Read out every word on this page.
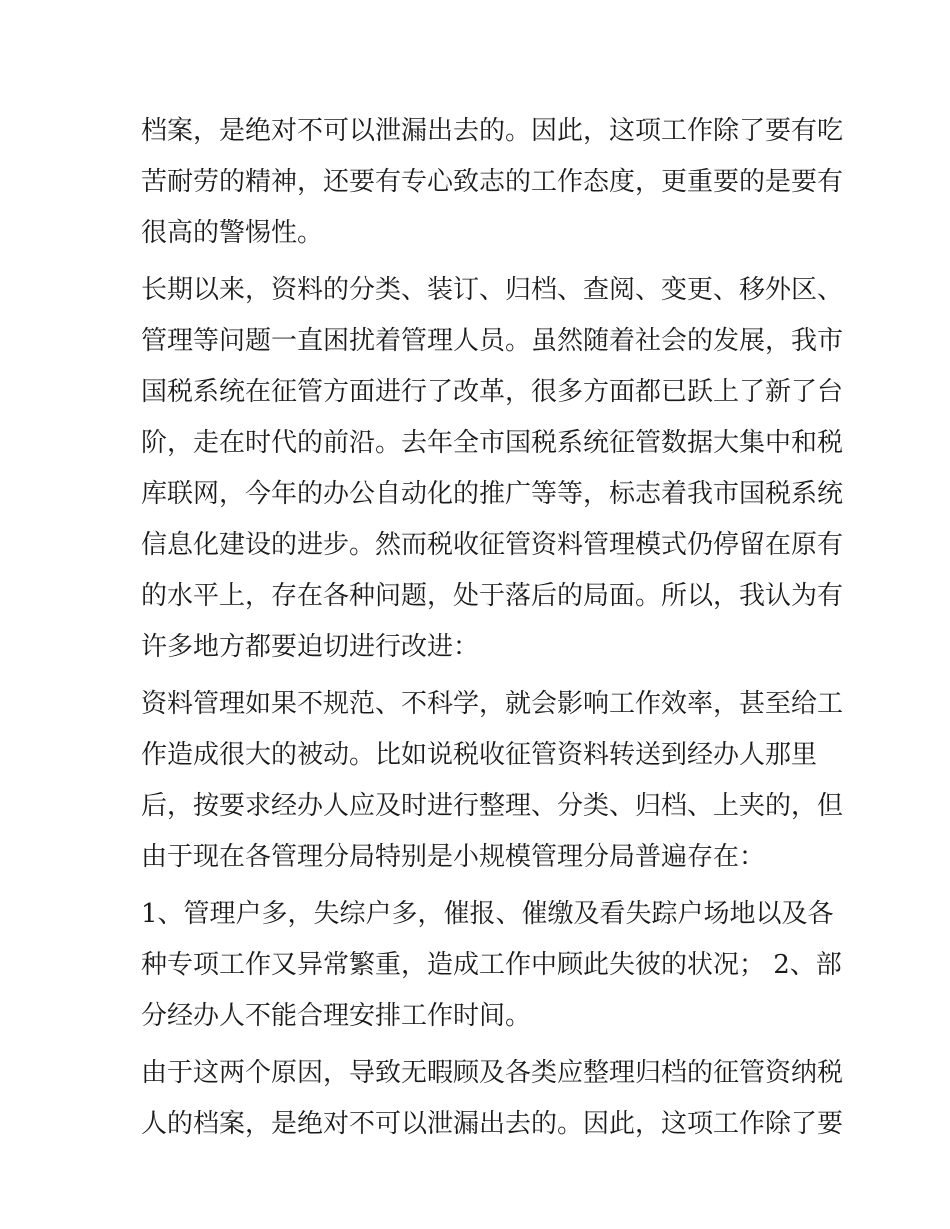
档案，是绝对不可以泄漏出去的。因此，这项工作除了要有吃
苦耐劳的精神，还要有专心致志的工作态度，更重要的是要有
很高的警惕性。
长期以来，资料的分类、装订、归档、查阅、变更、移外区、
管理等问题一直困扰着管理人员。虽然随着社会的发展，我市
国税系统在征管方面进行了改革，很多方面都已跃上了新了台
阶，走在时代的前沿。去年全市国税系统征管数据大集中和税
库联网，今年的办公自动化的推广等等，标志着我市国税系统
信息化建设的进步。然而税收征管资料管理模式仍停留在原有
的水平上，存在各种问题，处于落后的局面。所以，我认为有
许多地方都要迫切进行改进：
资料管理如果不规范、不科学，就会影响工作效率，甚至给工
作造成很大的被动。比如说税收征管资料转送到经办人那里
后，按要求经办人应及时进行整理、分类、归档、上夹的，但
由于现在各管理分局特别是小规模管理分局普遍存在：
1、管理户多，失综户多，催报、催缴及看失踪户场地以及各
种专项工作又异常繁重，造成工作中顾此失彼的状况； 2、部
分经办人不能合理安排工作时间。
由于这两个原因，导致无暇顾及各类应整理归档的征管资纳税
人的档案，是绝对不可以泄漏出去的。因此，这项工作除了要
